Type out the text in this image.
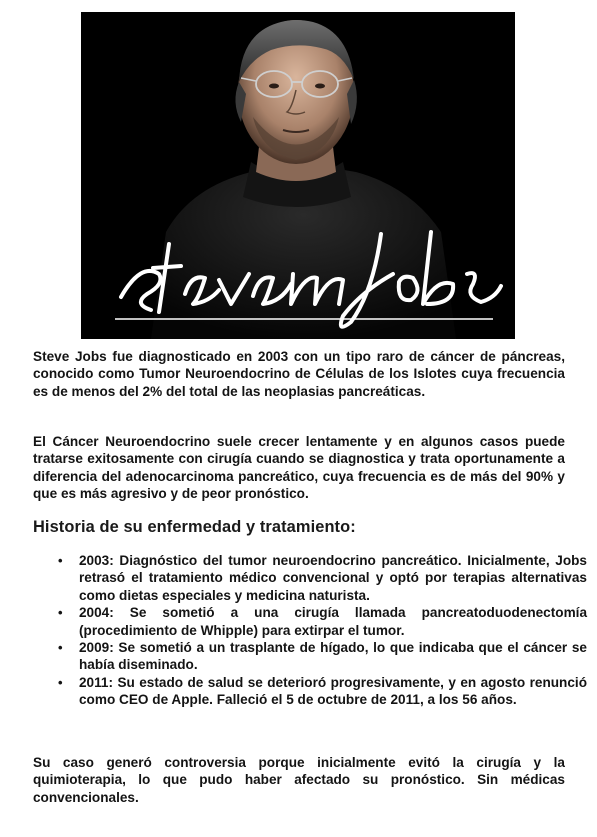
Steve Jobs fue diagnosticado en 2003 con un tipo raro de cáncer de páncreas, conocido como Tumor Neuroendocrino de Células de los Islotes cuya frecuencia es de menos del 2% del total de las neoplasias pancreáticas.

El Cáncer Neuroendocrino suele crecer lentamente y en algunos casos puede tratarse exitosamente con cirugía cuando se diagnostica y trata oportunamente a diferencia del adenocarcinoma pancreático, cuya frecuencia es de más del 90% y que es más agresivo y de peor pronóstico.

Historia de su enfermedad y tratamiento:
• 2003: Diagnóstico del tumor neuroendocrino pancreático. Inicialmente, Jobs retrasó el tratamiento médico convencional y optó por terapias alternativas como dietas especiales y medicina naturista.
• 2004: Se sometió a una cirugía llamada pancreatoduodenectomía (procedimiento de Whipple) para extirpar el tumor.
• 2009: Se sometió a un trasplante de hígado, lo que indicaba que el cáncer se había diseminado.
• 2011: Su estado de salud se deterioró progresivamente, y en agosto renunció como CEO de Apple. Falleció el 5 de octubre de 2011, a los 56 años.

Su caso generó controversia porque inicialmente evitó la cirugía y la quimioterapia, lo que pudo haber afectado su pronóstico. Sin médicas convencionales.
